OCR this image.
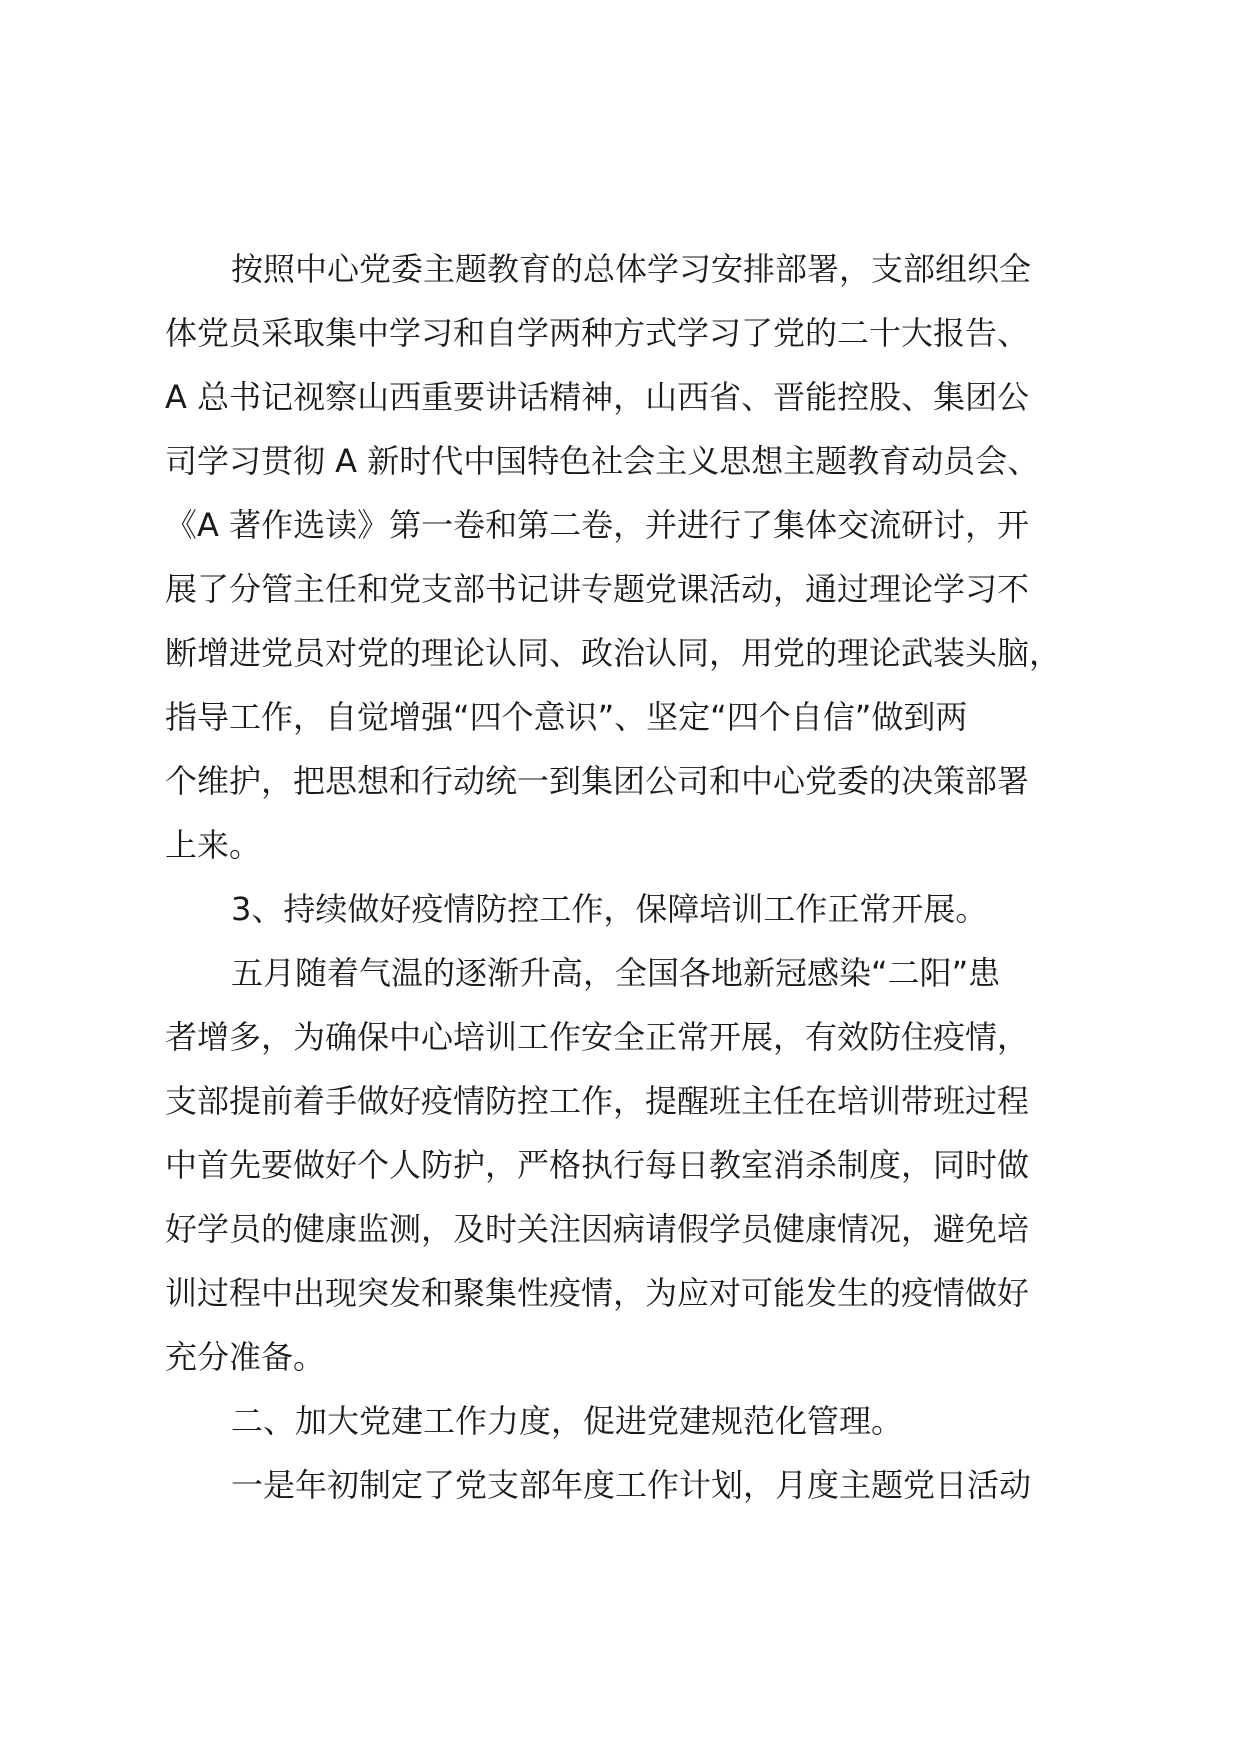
按照中心党委主题教育的总体学习安排部署，支部组织全

体党员采取集中学习和自学两种方式学习了党的二十大报告、

A 总书记视察山西重要讲话精神，山西省、晋能控股、集团公

司学习贯彻 A 新时代中国特色社会主义思想主题教育动员会、

《A 著作选读》第一卷和第二卷，并进行了集体交流研讨，开

展了分管主任和党支部书记讲专题党课活动，通过理论学习不

断增进党员对党的理论认同、政治认同，用党的理论武装头脑，

指导工作，自觉增强“四个意识”、坚定“四个自信”做到两

个维护，把思想和行动统一到集团公司和中心党委的决策部署

上来。

3、持续做好疫情防控工作，保障培训工作正常开展。

五月随着气温的逐渐升高，全国各地新冠感染“二阳”患

者增多，为确保中心培训工作安全正常开展，有效防住疫情，

支部提前着手做好疫情防控工作，提醒班主任在培训带班过程

中首先要做好个人防护，严格执行每日教室消杀制度，同时做

好学员的健康监测，及时关注因病请假学员健康情况，避免培

训过程中出现突发和聚集性疫情，为应对可能发生的疫情做好

充分准备。

二、加大党建工作力度，促进党建规范化管理。

一是年初制定了党支部年度工作计划，月度主题党日活动
